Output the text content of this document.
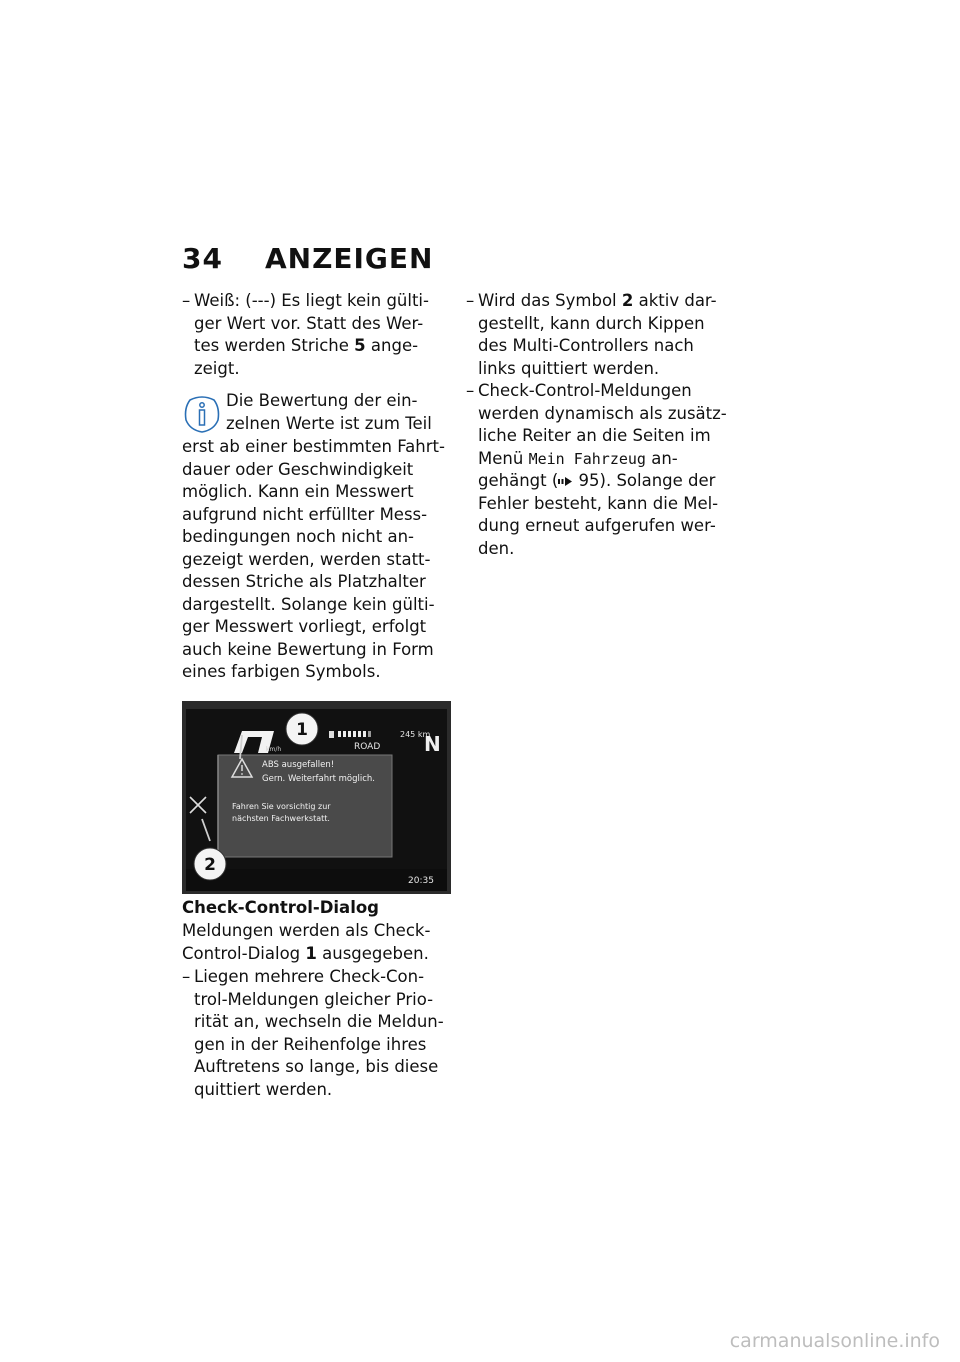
34 ANZEIGEN

– Weiß: (---) Es liegt kein gülti-
ger Wert vor. Statt des Wer-
tes werden Striche 5 ange-
zeigt.

Die Bewertung der ein-
zelnen Werte ist zum Teil

erst ab einer bestimmten Fahrt-
dauer oder Geschwindigkeit
möglich. Kann ein Messwert
aufgrund nicht erfüllter Mess-
bedingungen noch nicht an-
gezeigt werden, werden statt-
dessen Striche als Platzhalter
dargestellt. Solange kein gülti-
ger Messwert vorliegt, erfolgt
auch keine Bewertung in Form
eines farbigen Symbols.

km/h
245 km
ROAD N
ABS ausgefallen!
Gern. Weiterfahrt möglich.
Fahren Sie vorsichtig zur
nächsten Fachwerkstatt.
20:35
1
2
Check-Control-Dialog
Meldungen werden als Check-
Control-Dialog 1 ausgegeben.
– Liegen mehrere Check-Con-
trol-Meldungen gleicher Prio-
rität an, wechseln die Meldun-
gen in der Reihenfolge ihres
Auftretens so lange, bis diese
quittiert werden.

– Wird das Symbol 2 aktiv dar-
gestellt, kann durch Kippen
des Multi-Controllers nach
links quittiert werden.

– Check-Control-Meldungen
werden dynamisch als zusätz-
liche Reiter an die Seiten im
Menü Mein Fahrzeug an-
gehängt ( 95). Solange der
Fehler besteht, kann die Mel-
dung erneut aufgerufen wer-
den.

carmanualsonline.info
